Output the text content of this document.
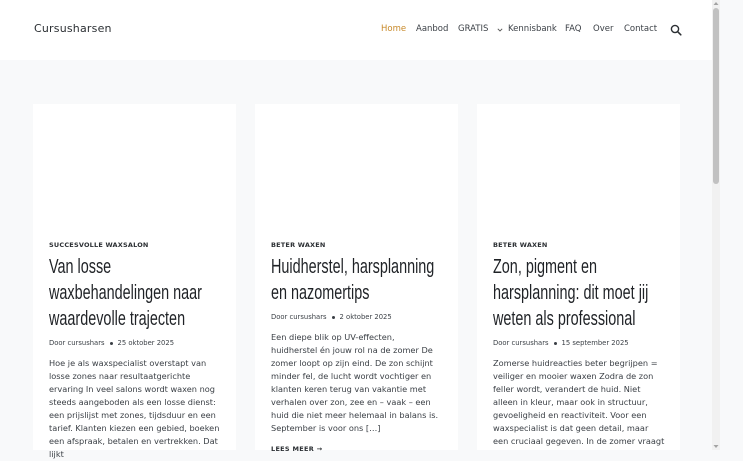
Cursusharsen	Home Aanbod GRATIS	Kennisbank FAQ Over Contact
SUCCESVOLLE WAXSALON
Van losse waxbehandelingen naar waardevolle trajecten
Door cursushars 25 oktober 2025
Hoe je als waxspecialist overstapt van losse zones naar resultaatgerichte ervaring In veel salons wordt waxen nog steeds aangeboden als een losse dienst: een prijslijst met zones, tijdsduur en een tarief. Klanten kiezen een gebied, boeken een afspraak, betalen en vertrekken. Dat lijkt
BETER WAXEN
Huidherstel, harsplanning en nazomertips
Door cursushars 2 oktober 2025
Een diepe blik op UV-effecten, huidherstel én jouw rol na de zomer De zomer loopt op zijn eind. De zon schijnt minder fel, de lucht wordt vochtiger en klanten keren terug van vakantie met verhalen over zon, zee en – vaak – een huid die niet meer helemaal in balans is. September is voor ons […]
LEES MEER →
BETER WAXEN
Zon, pigment en harsplanning: dit moet jij weten als professional
Door cursushars 15 september 2025
Zomerse huidreacties beter begrijpen = veiliger en mooier waxen Zodra de zon feller wordt, verandert de huid. Niet alleen in kleur, maar ook in structuur, gevoeligheid en reactiviteit. Voor een waxspecialist is dat geen detail, maar een cruciaal gegeven. In de zomer vraagt
